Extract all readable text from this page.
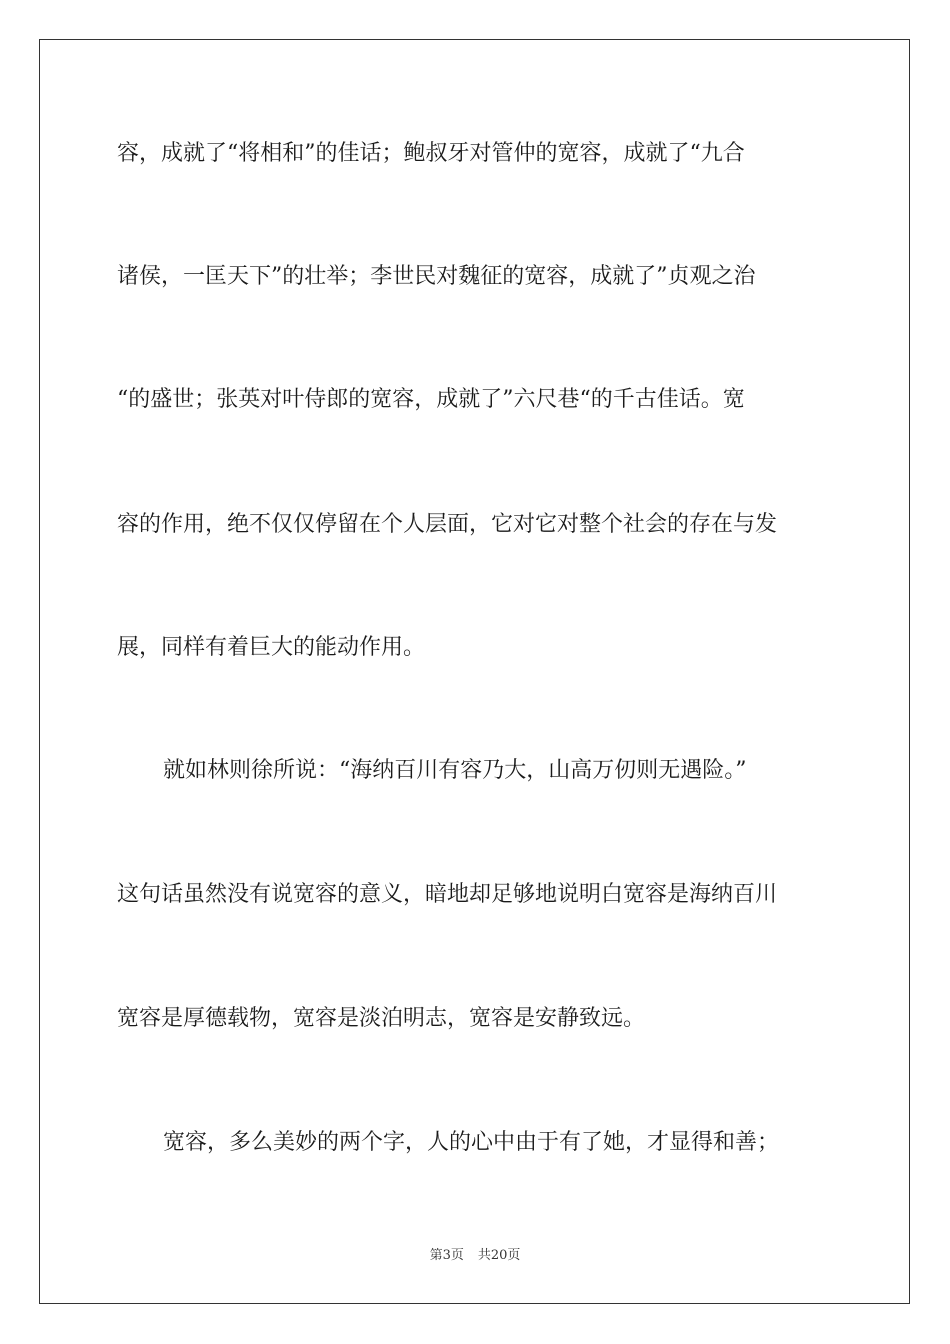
容，成就了“将相和”的佳话；鲍叔牙对管仲的宽容，成就了“九合
诸侯，一匡天下”的壮举；李世民对魏征的宽容，成就了”贞观之治
“的盛世；张英对叶侍郎的宽容，成就了”六尺巷“的千古佳话。宽
容的作用，绝不仅仅停留在个人层面，它对它对整个社会的存在与发
展，同样有着巨大的能动作用。
就如林则徐所说：“海纳百川有容乃大，山高万仞则无遇险。”
这句话虽然没有说宽容的意义，暗地却足够地说明白宽容是海纳百川
宽容是厚德载物，宽容是淡泊明志，宽容是安静致远。
宽容，多么美妙的两个字，人的心中由于有了她，才显得和善；
第3页 共20页
